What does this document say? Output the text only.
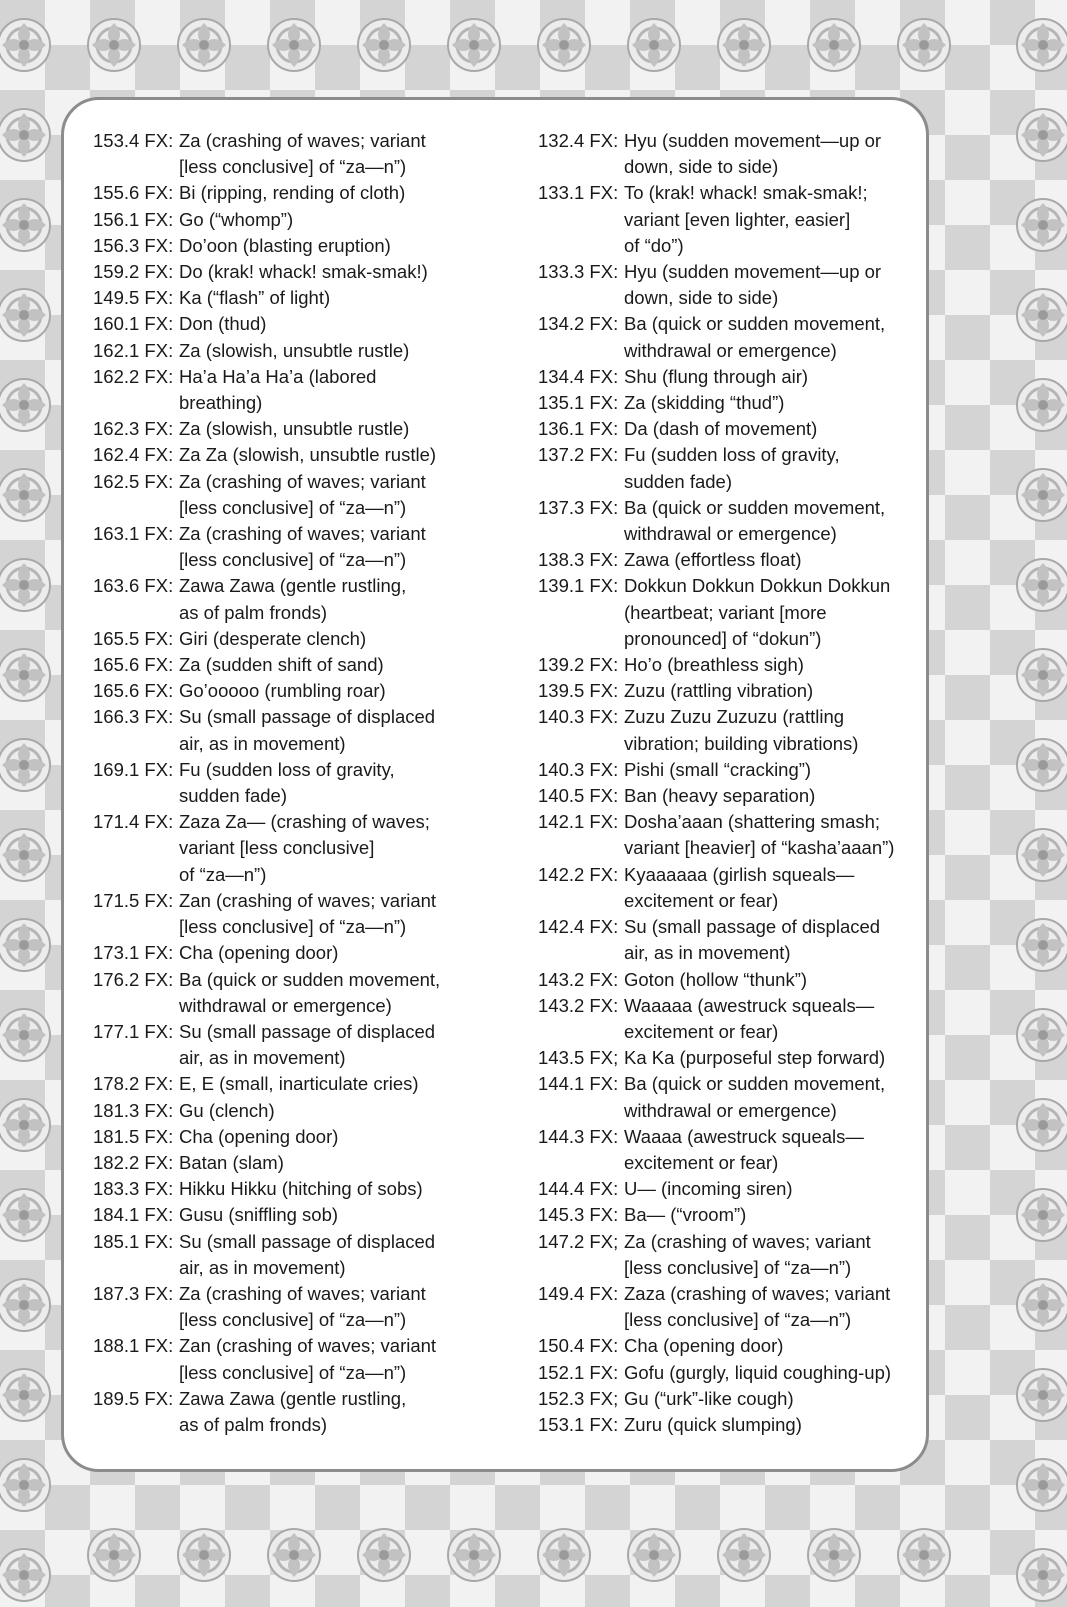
153.4 FX: Za (crashing of waves; variant
[less conclusive] of “za—n”)
155.6 FX: Bi (ripping, rending of cloth)
156.1 FX: Go (“whomp”)
156.3 FX: Do’oon (blasting eruption)
159.2 FX: Do (krak! whack! smak-smak!)
149.5 FX: Ka (“flash” of light)
160.1 FX: Don (thud)
162.1 FX: Za (slowish, unsubtle rustle)
162.2 FX: Ha’a Ha’a Ha’a (labored
breathing)
162.3 FX: Za (slowish, unsubtle rustle)
162.4 FX: Za Za (slowish, unsubtle rustle)
162.5 FX: Za (crashing of waves; variant
[less conclusive] of “za—n”)
163.1 FX: Za (crashing of waves; variant
[less conclusive] of “za—n”)
163.6 FX: Zawa Zawa (gentle rustling,
as of palm fronds)
165.5 FX: Giri (desperate clench)
165.6 FX: Za (sudden shift of sand)
165.6 FX: Go’ooooo (rumbling roar)
166.3 FX: Su (small passage of displaced
air, as in movement)
169.1 FX: Fu (sudden loss of gravity,
sudden fade)
171.4 FX: Zaza Za— (crashing of waves;
variant [less conclusive]
of “za—n”)
171.5 FX: Zan (crashing of waves; variant
[less conclusive] of “za—n”)
173.1 FX: Cha (opening door)
176.2 FX: Ba (quick or sudden movement,
withdrawal or emergence)
177.1 FX: Su (small passage of displaced
air, as in movement)
178.2 FX: E, E (small, inarticulate cries)
181.3 FX: Gu (clench)
181.5 FX: Cha (opening door)
182.2 FX: Batan (slam)
183.3 FX: Hikku Hikku (hitching of sobs)
184.1 FX: Gusu (sniffling sob)
185.1 FX: Su (small passage of displaced
air, as in movement)
187.3 FX: Za (crashing of waves; variant
[less conclusive] of “za—n”)
188.1 FX: Zan (crashing of waves; variant
[less conclusive] of “za—n”)
189.5 FX: Zawa Zawa (gentle rustling,
as of palm fronds)
132.4 FX: Hyu (sudden movement—up or
down, side to side)
133.1 FX: To (krak! whack! smak-smak!;
variant [even lighter, easier]
of “do”)
133.3 FX: Hyu (sudden movement—up or
down, side to side)
134.2 FX: Ba (quick or sudden movement,
withdrawal or emergence)
134.4 FX: Shu (flung through air)
135.1 FX: Za (skidding “thud”)
136.1 FX: Da (dash of movement)
137.2 FX: Fu (sudden loss of gravity,
sudden fade)
137.3 FX: Ba (quick or sudden movement,
withdrawal or emergence)
138.3 FX: Zawa (effortless float)
139.1 FX: Dokkun Dokkun Dokkun Dokkun
(heartbeat; variant [more
pronounced] of “dokun”)
139.2 FX: Ho’o (breathless sigh)
139.5 FX: Zuzu (rattling vibration)
140.3 FX: Zuzu Zuzu Zuzuzu (rattling
vibration; building vibrations)
140.3 FX: Pishi (small “cracking”)
140.5 FX: Ban (heavy separation)
142.1 FX: Dosha’aaan (shattering smash;
variant [heavier] of “kasha’aaan”)
142.2 FX: Kyaaaaaa (girlish squeals—
excitement or fear)
142.4 FX: Su (small passage of displaced
air, as in movement)
143.2 FX: Goton (hollow “thunk”)
143.2 FX: Waaaaa (awestruck squeals—
excitement or fear)
143.5 FX; Ka Ka (purposeful step forward)
144.1 FX: Ba (quick or sudden movement,
withdrawal or emergence)
144.3 FX: Waaaa (awestruck squeals—
excitement or fear)
144.4 FX: U— (incoming siren)
145.3 FX: Ba— (“vroom”)
147.2 FX; Za (crashing of waves; variant
[less conclusive] of “za—n”)
149.4 FX: Zaza (crashing of waves; variant
[less conclusive] of “za—n”)
150.4 FX: Cha (opening door)
152.1 FX: Gofu (gurgly, liquid coughing-up)
152.3 FX; Gu (“urk”-like cough)
153.1 FX: Zuru (quick slumping)
